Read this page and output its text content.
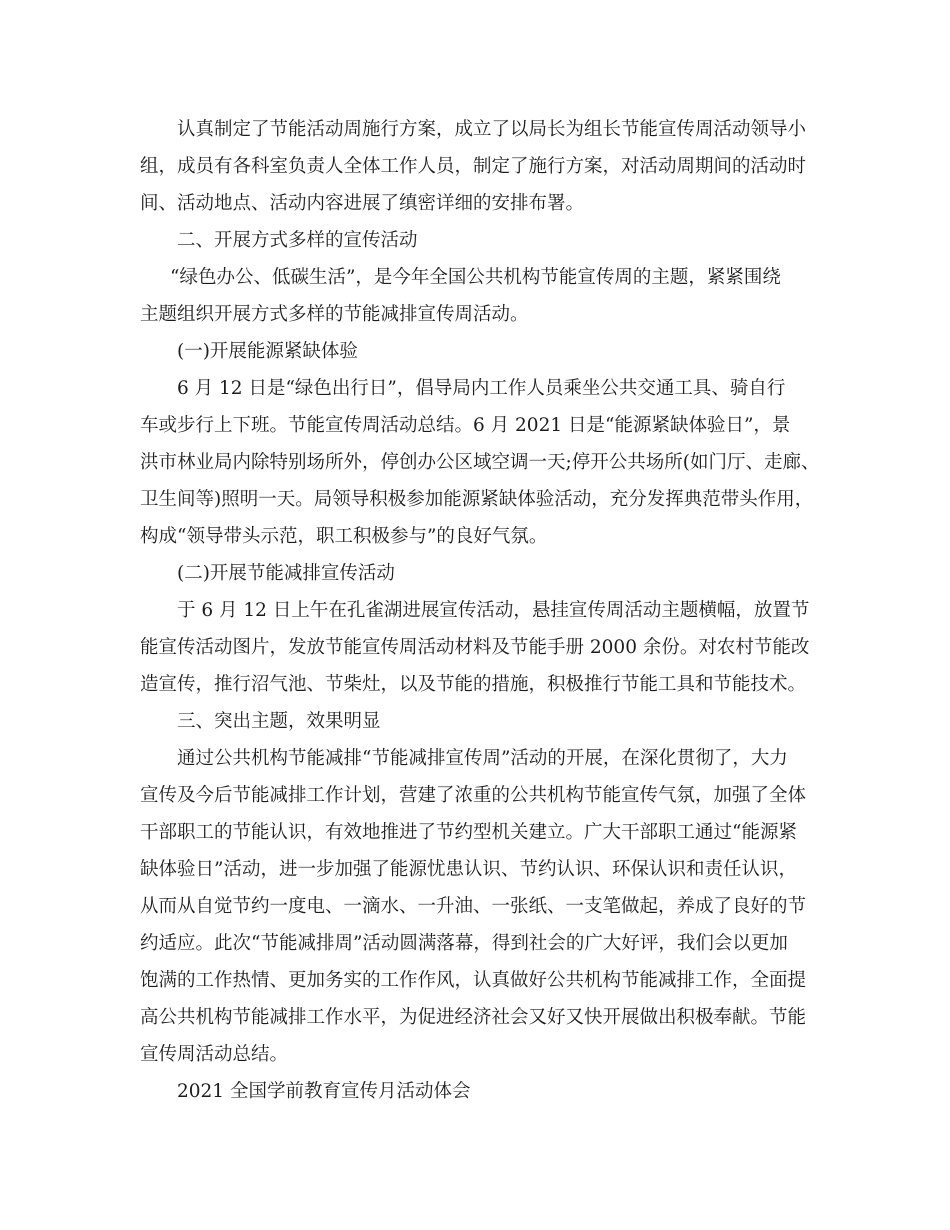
认真制定了节能活动周施行方案，成立了以局长为组长节能宣传周活动领导小
组，成员有各科室负责人全体工作人员，制定了施行方案，对活动周期间的活动时
间、活动地点、活动内容进展了缜密详细的安排布署。
二、开展方式多样的宣传活动
“绿色办公、低碳生活”，是今年全国公共机构节能宣传周的主题，紧紧围绕
主题组织开展方式多样的节能减排宣传周活动。
(一)开展能源紧缺体验
6 月 12 日是“绿色出行日”，倡导局内工作人员乘坐公共交通工具、骑自行
车或步行上下班。节能宣传周活动总结。6 月 2021 日是“能源紧缺体验日”，景
洪市林业局内除特别场所外，停创办公区域空调一天;停开公共场所(如门厅、走廊、
卫生间等)照明一天。局领导积极参加能源紧缺体验活动，充分发挥典范带头作用，
构成“领导带头示范，职工积极参与”的良好气氛。
(二)开展节能减排宣传活动
于 6 月 12 日上午在孔雀湖进展宣传活动，悬挂宣传周活动主题横幅，放置节
能宣传活动图片，发放节能宣传周活动材料及节能手册 2000 余份。对农村节能改
造宣传，推行沼气池、节柴灶，以及节能的措施，积极推行节能工具和节能技术。
三、突出主题，效果明显
通过公共机构节能减排“节能减排宣传周”活动的开展，在深化贯彻了，大力
宣传及今后节能减排工作计划，营建了浓重的公共机构节能宣传气氛，加强了全体
干部职工的节能认识，有效地推进了节约型机关建立。广大干部职工通过“能源紧
缺体验日”活动，进一步加强了能源忧患认识、节约认识、环保认识和责任认识，
从而从自觉节约一度电、一滴水、一升油、一张纸、一支笔做起，养成了良好的节
约适应。此次“节能减排周”活动圆满落幕，得到社会的广大好评，我们会以更加
饱满的工作热情、更加务实的工作作风，认真做好公共机构节能减排工作，全面提
高公共机构节能减排工作水平，为促进经济社会又好又快开展做出积极奉献。节能
宣传周活动总结。
2021 全国学前教育宣传月活动体会
